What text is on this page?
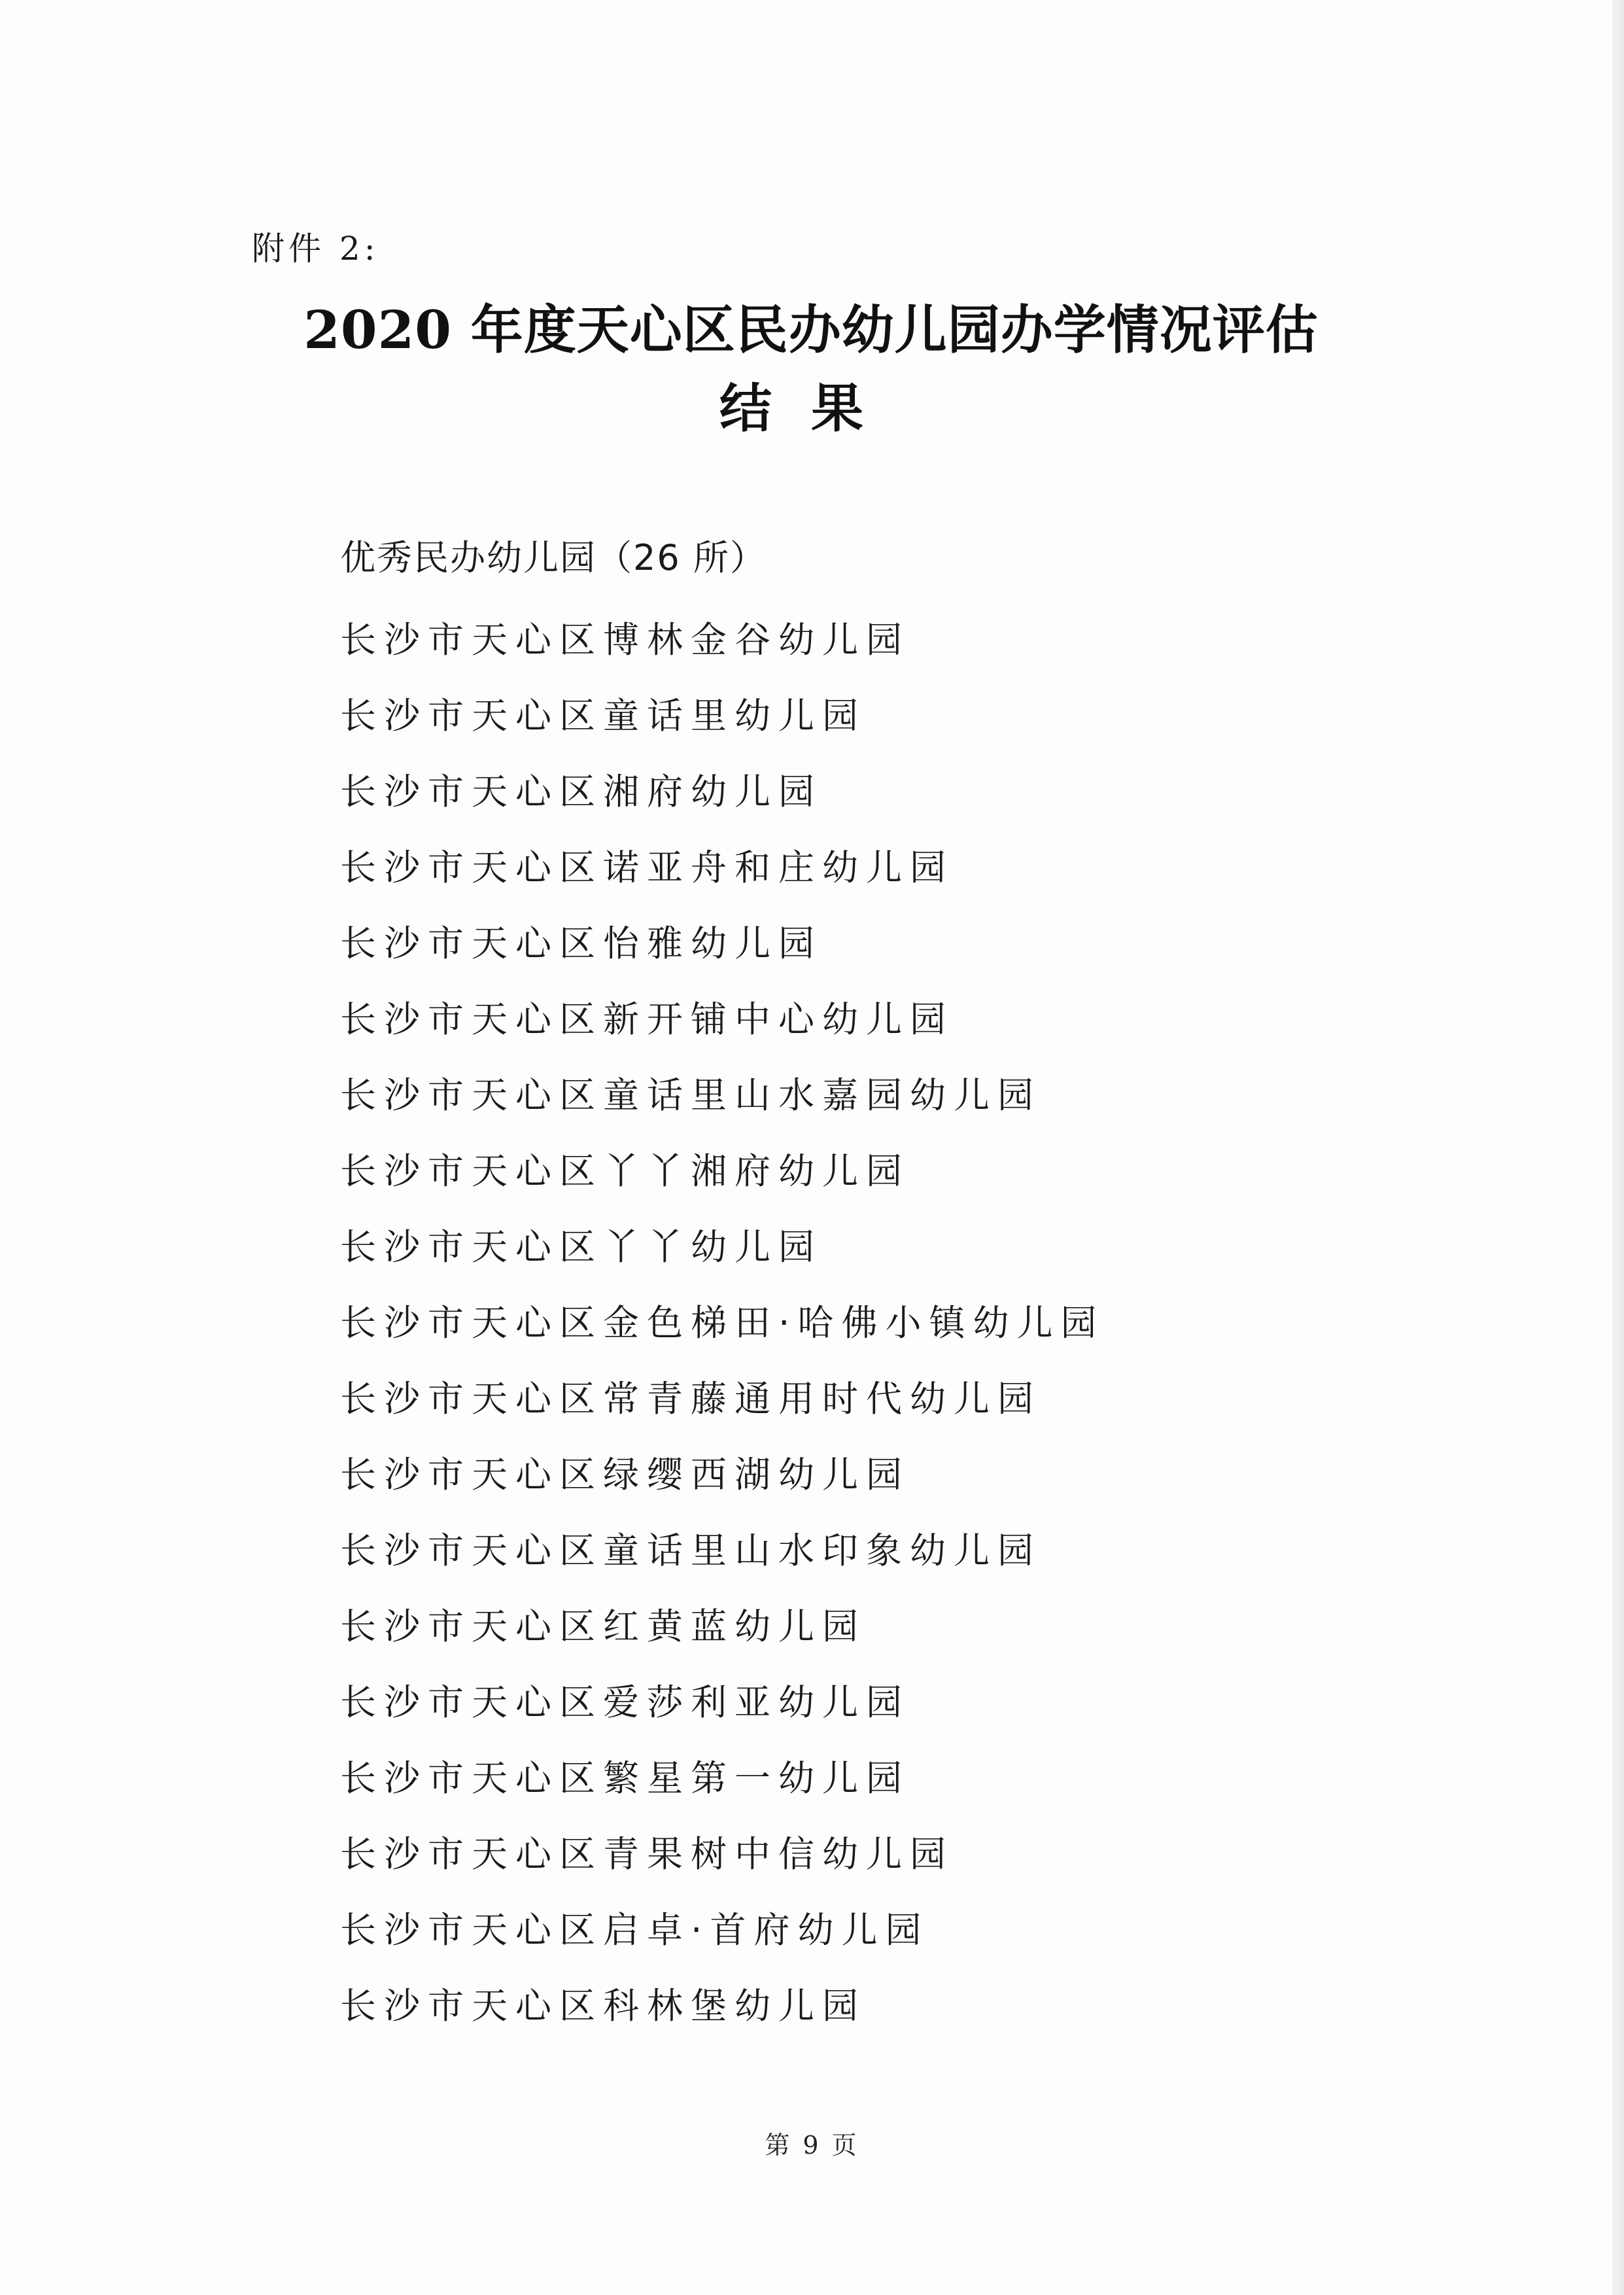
附件 2:
2020 年度天心区民办幼儿园办学情况评估
结果
优秀民办幼儿园（26 所）
长沙市天心区博林金谷幼儿园
长沙市天心区童话里幼儿园
长沙市天心区湘府幼儿园
长沙市天心区诺亚舟和庄幼儿园
长沙市天心区怡雅幼儿园
长沙市天心区新开铺中心幼儿园
长沙市天心区童话里山水嘉园幼儿园
长沙市天心区丫丫湘府幼儿园
长沙市天心区丫丫幼儿园
长沙市天心区金色梯田·哈佛小镇幼儿园
长沙市天心区常青藤通用时代幼儿园
长沙市天心区绿缨西湖幼儿园
长沙市天心区童话里山水印象幼儿园
长沙市天心区红黄蓝幼儿园
长沙市天心区爱莎利亚幼儿园
长沙市天心区繁星第一幼儿园
长沙市天心区青果树中信幼儿园
长沙市天心区启卓·首府幼儿园
长沙市天心区科林堡幼儿园
第 9 页
